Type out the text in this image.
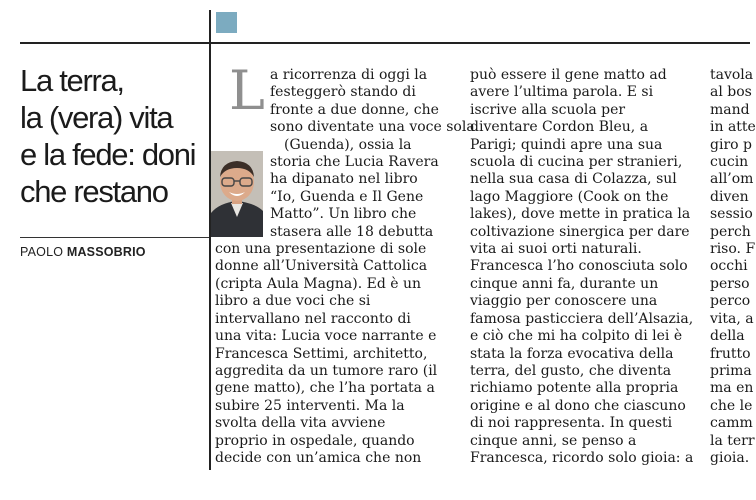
La terra,
la (vera) vita
e la fede: doni
che restano
PAOLO MASSOBRIO
L a ricorrenza di oggi la
festeggerò stando di
fronte a due donne, che
sono diventate una voce sola
(Guenda), ossia la
storia che Lucia Ravera
ha dipanato nel libro
“Io, Guenda e Il Gene
Matto”. Un libro che
stasera alle 18 debutta
con una presentazione di sole
donne all’Università Cattolica
(cripta Aula Magna). Ed è un
libro a due voci che si
intervallano nel racconto di
una vita: Lucia voce narrante e
Francesca Settimi, architetto,
aggredita da un tumore raro (il
gene matto), che l’ha portata a
subire 25 interventi. Ma la
svolta della vita avviene
proprio in ospedale, quando
decide con un’amica che non
può essere il gene matto ad
avere l’ultima parola. E si
iscrive alla scuola per
diventare Cordon Bleu, a
Parigi; quindi apre una sua
scuola di cucina per stranieri,
nella sua casa di Colazza, sul
lago Maggiore (Cook on the
lakes), dove mette in pratica la
coltivazione sinergica per dare
vita ai suoi orti naturali.
Francesca l’ho conosciuta solo
cinque anni fa, durante un
viaggio per conoscere una
famosa pasticciera dell’Alsazia,
e ciò che mi ha colpito di lei è
stata la forza evocativa della
terra, del gusto, che diventa
richiamo potente alla propria
origine e al dono che ciascuno
di noi rappresenta. In questi
cinque anni, se penso a
Francesca, ricordo solo gioia: a
tavola
al bos
mand
in atte
giro p
cucin
all’om
diven
sessio
perch
riso. F
occhi
perso
perco
vita, a
della
frutto
prima
ma en
che le
camm
la terr
gioia.
